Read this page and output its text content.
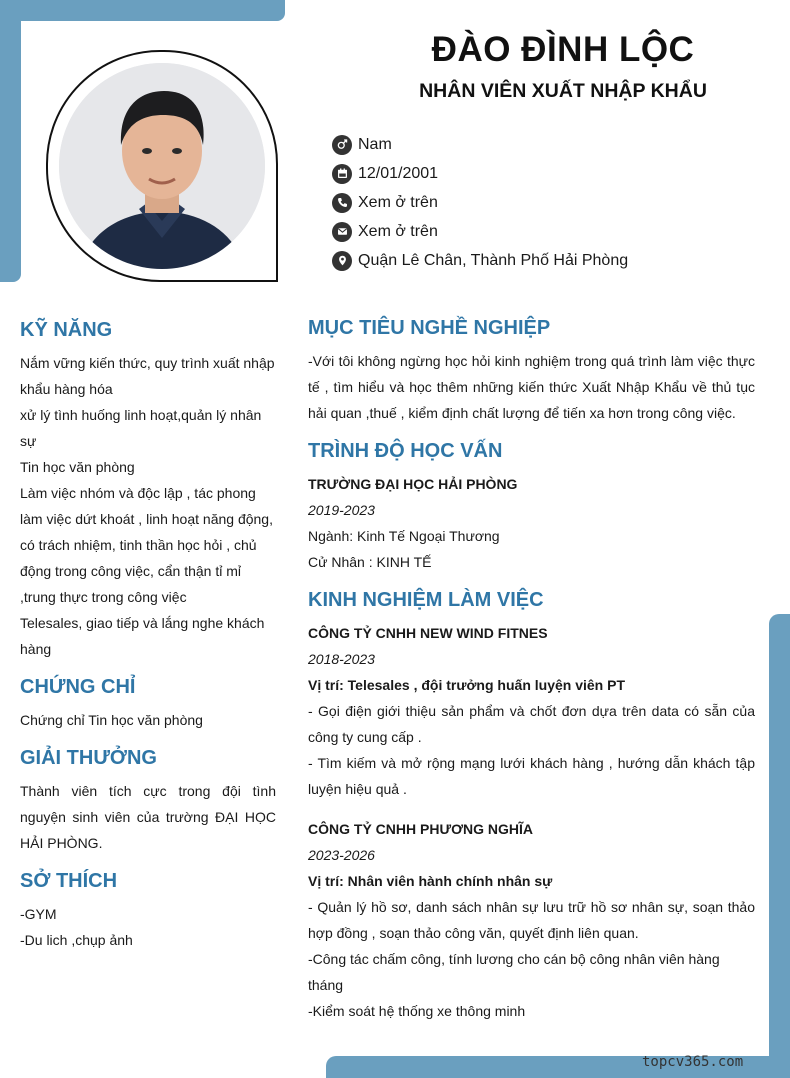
ĐÀO ĐÌNH LỘC
NHÂN VIÊN XUẤT NHẬP KHẨU
Nam
12/01/2001
Xem ở trên
Xem ở trên
Quận Lê Chân, Thành Phố Hải Phòng
KỸ NĂNG

Nắm vững kiến thức, quy trình xuất nhập khẩu hàng hóa

xử lý tình huống linh hoạt,quản lý nhân sự

Tin học văn phòng

Làm việc nhóm và độc lập , tác phong làm việc dứt khoát , linh hoạt năng động, có trách nhiệm, tinh thần học hỏi , chủ động trong công việc, cẩn thận tỉ mỉ ,trung thực trong công việc

Telesales, giao tiếp và lắng nghe khách hàng

CHỨNG CHỈ

Chứng chỉ Tin học văn phòng

GIẢI THƯỞNG

Thành viên tích cực trong đội tình nguyện sinh viên của trường ĐẠI HỌC HẢI PHÒNG.

SỞ THÍCH

-GYM

-Du lich ,chụp ảnh

MỤC TIÊU NGHỀ NGHIỆP

-Với tôi không ngừng học hỏi kinh nghiệm trong quá trình làm việc thực tế , tìm hiểu và học thêm những kiến thức Xuất Nhập Khẩu về thủ tục hải quan ,thuế , kiểm định chất lượng để tiến xa hơn trong công việc.

TRÌNH ĐỘ HỌC VẤN

TRƯỜNG ĐẠI HỌC HẢI PHÒNG

2019-2023

Ngành: Kinh Tế Ngoại Thương

Cử Nhân : KINH TẾ

KINH NGHIỆM LÀM VIỆC

CÔNG TỶ CNHH NEW WIND FITNES

2018-2023

Vị trí: Telesales , đội trưởng huấn luyện viên PT

- Gọi điện giới thiệu sản phẩm và chốt đơn dựa trên data có sẵn của công ty cung cấp .

- Tìm kiếm và mở rộng mạng lưới khách hàng , hướng dẫn khách tập luyện hiệu quả .

CÔNG TỶ CNHH PHƯƠNG NGHĨA

2023-2026

Vị trí: Nhân viên hành chính nhân sự

- Quản lý hồ sơ, danh sách nhân sự lưu trữ hồ sơ nhân sự, soạn thảo hợp đồng , soạn thảo công văn, quyết định liên quan.

-Công tác chấm công, tính lương cho cán bộ công nhân viên hàng tháng

-Kiểm soát hệ thống xe thông minh

topcv365.com
